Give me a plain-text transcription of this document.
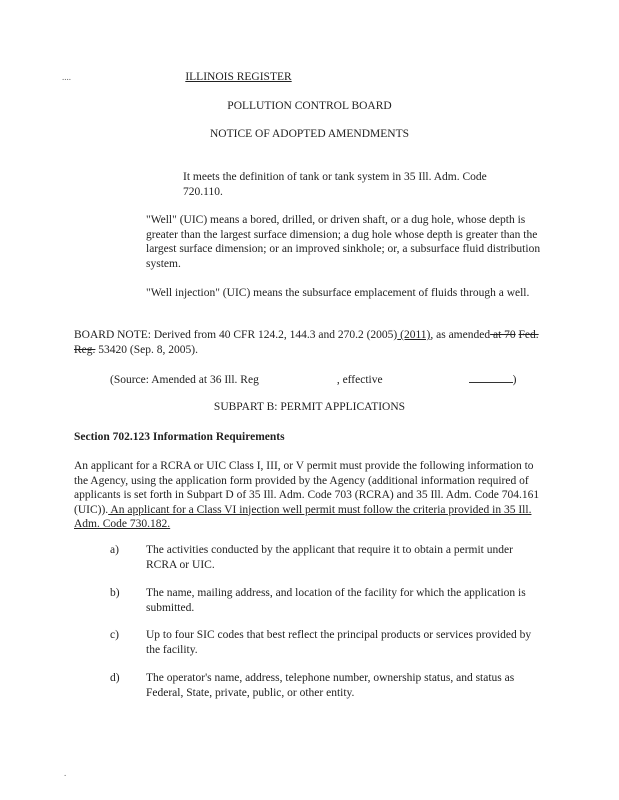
....	ILLINOIS REGISTER
POLLUTION CONTROL BOARD
NOTICE OF ADOPTED AMENDMENTS
It meets the definition of tank or tank system in 35 Ill. Adm. Code 720.110.
"Well" (UIC) means a bored, drilled, or driven shaft, or a dug hole, whose depth is greater than the largest surface dimension; a dug hole whose depth is greater than the largest surface dimension; or an improved sinkhole; or, a subsurface fluid distribution system.
"Well injection" (UIC) means the subsurface emplacement of fluids through a well.
BOARD NOTE: Derived from 40 CFR 124.2, 144.3 and 270.2 (2005) (2011), as amended at 70 Fed. Reg. 53420 (Sep. 8, 2005).
(Source: Amended at 36 Ill. Reg	, effective	)
SUBPART B: PERMIT APPLICATIONS
Section 702.123 Information Requirements
An applicant for a RCRA or UIC Class I, III, or V permit must provide the following information to the Agency, using the application form provided by the Agency (additional information required of applicants is set forth in Subpart D of 35 Ill. Adm. Code 703 (RCRA) and 35 Ill. Adm. Code 704.161 (UIC)). An applicant for a Class VI injection well permit must follow the criteria provided in 35 Ill. Adm. Code 730.182.
a) The activities conducted by the applicant that require it to obtain a permit under RCRA or UIC.
b) The name, mailing address, and location of the facility for which the application is submitted.
c) Up to four SIC codes that best reflect the principal products or services provided by the facility.
d) The operator's name, address, telephone number, ownership status, and status as Federal, State, private, public, or other entity.
.
